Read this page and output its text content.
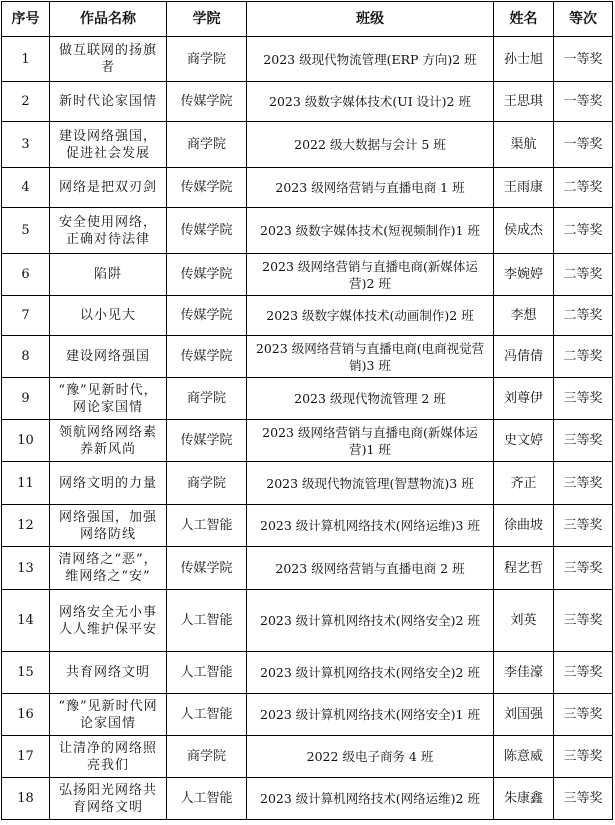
序号	作品名称	学院	班级	姓名	等次
1	做互联网的扬旗者	商学院	2023 级现代物流管理(ERP 方向)2 班	孙士旭	一等奖
2	新时代论家国情	传媒学院	2023 级数字媒体技术(UI 设计)2 班	王思琪	一等奖
3	建设网络强国，促进社会发展	商学院	2022 级大数据与会计 5 班	渠航	一等奖
4	网络是把双刃剑	传媒学院	2023 级网络营销与直播电商 1 班	王雨康	二等奖
5	安全使用网络，正确对待法律	传媒学院	2023 级数字媒体技术(短视频制作)1 班	侯成杰	二等奖
6	陷阱	传媒学院	2023 级网络营销与直播电商(新媒体运营)2 班	李婉婷	二等奖
7	以小见大	传媒学院	2023 级数字媒体技术(动画制作)2 班	李想	二等奖
8	建设网络强国	传媒学院	2023 级网络营销与直播电商(电商视觉营销)3 班	冯倩倩	二等奖
9	“豫”见新时代，网论家国情	商学院	2023 级现代物流管理 2 班	刘尊伊	三等奖
10	领航网络网络素养新风尚	传媒学院	2023 级网络营销与直播电商(新媒体运营)1 班	史文婷	三等奖
11	网络文明的力量	商学院	2023 级现代物流管理(智慧物流)3 班	齐正	三等奖
12	网络强国，加强网络防线	人工智能	2023 级计算机网络技术(网络运维)3 班	徐曲坡	三等奖
13	清网络之“恶”，维网络之“安”	传媒学院	2023 级网络营销与直播电商 2 班	程艺哲	三等奖
14	网络安全无小事人人维护保平安	人工智能	2023 级计算机网络技术(网络安全)2 班	刘英	三等奖
15	共育网络文明	人工智能	2023 级计算机网络技术(网络安全)2 班	李佳濠	三等奖
16	“豫”见新时代网论家国情	人工智能	2023 级计算机网络技术(网络安全)1 班	刘国强	三等奖
17	让清净的网络照亮我们	商学院	2022 级电子商务 4 班	陈意威	三等奖
18	弘扬阳光网络共育网络文明	人工智能	2023 级计算机网络技术(网络运维)2 班	朱康鑫	三等奖
